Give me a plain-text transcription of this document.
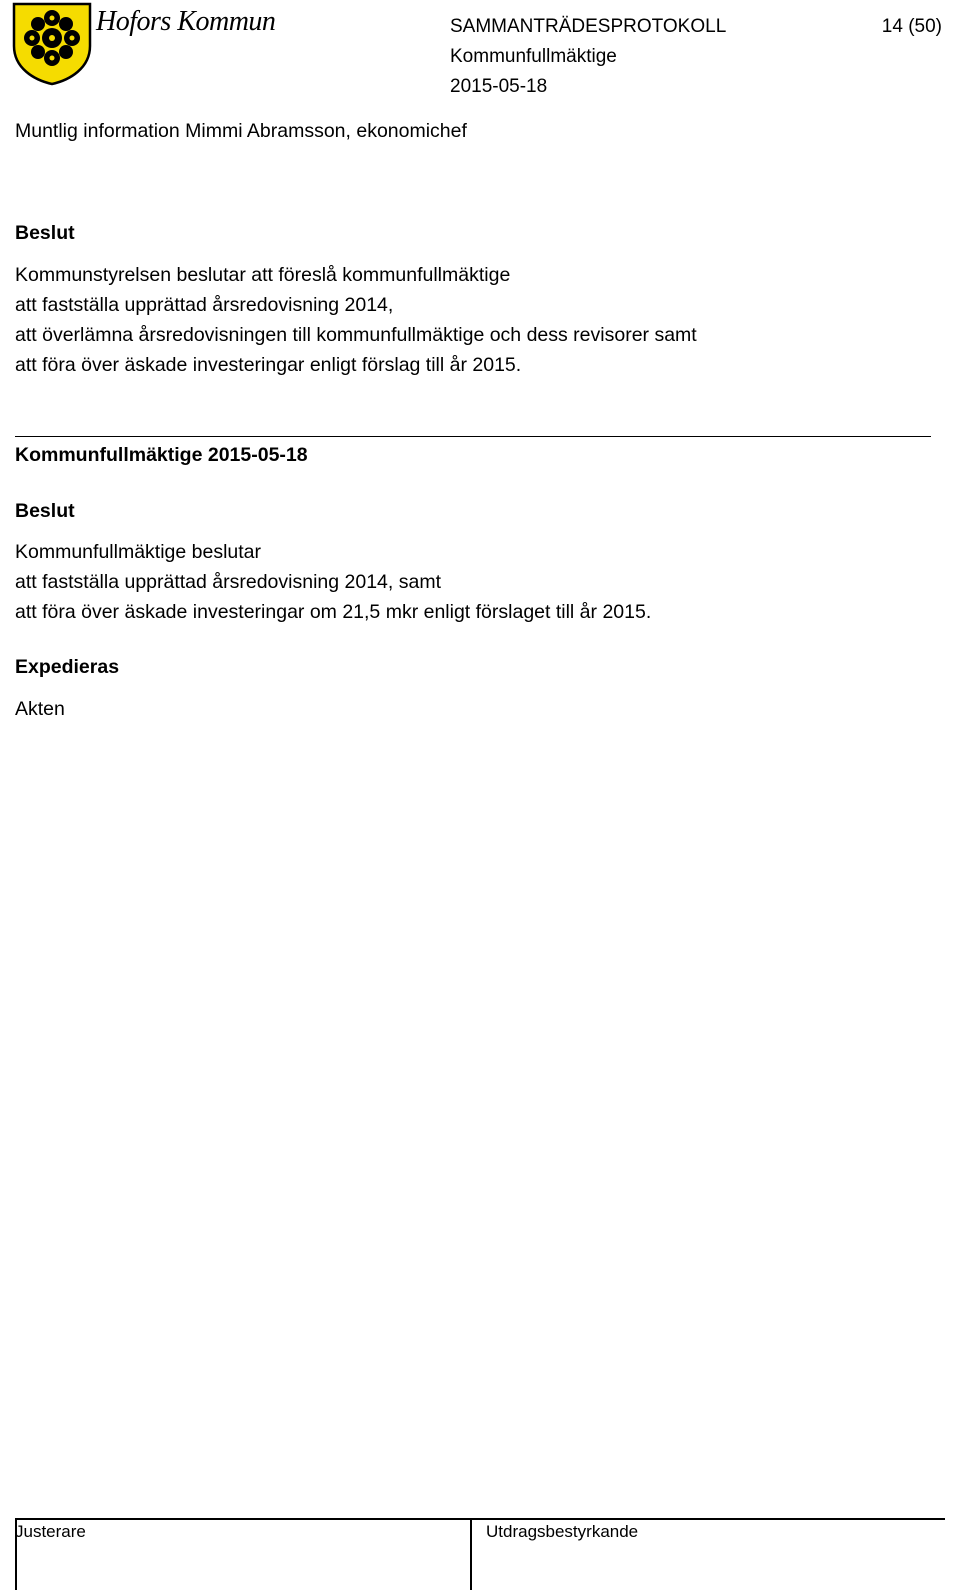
Hofors Kommun	SAMMANTRÄDESPROTOKOLL
Kommunfullmäktige
2015-05-18
14 (50)
Muntlig information Mimmi Abramsson, ekonomichef
Beslut
Kommunstyrelsen beslutar att föreslå kommunfullmäktige
att fastställa upprättad årsredovisning 2014,
att överlämna årsredovisningen till kommunfullmäktige och dess revisorer samt
att föra över äskade investeringar enligt förslag till år 2015.
Kommunfullmäktige 2015-05-18
Beslut
Kommunfullmäktige beslutar
att fastställa upprättad årsredovisning 2014, samt
att föra över äskade investeringar om 21,5 mkr enligt förslaget till år 2015.
Expedieras
Akten
Justerare	Utdragsbestyrkande
